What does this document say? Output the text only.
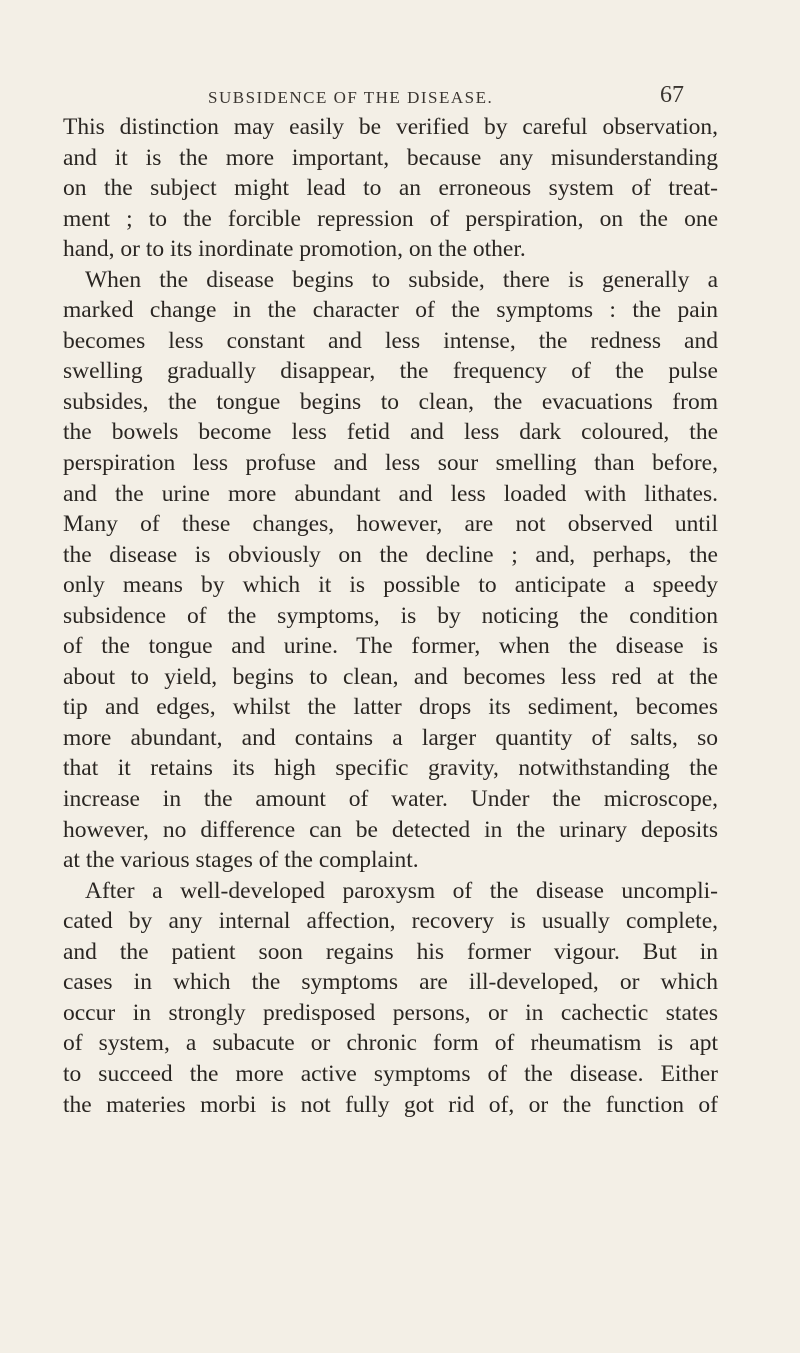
SUBSIDENCE OF THE DISEASE.	67
This distinction may easily be verified by careful observation,
and it is the more important, because any misunderstanding
on the subject might lead to an erroneous system of treat-
ment ; to the forcible repression of perspiration, on the one
hand, or to its inordinate promotion, on the other.
When the disease begins to subside, there is generally a
marked change in the character of the symptoms : the pain
becomes less constant and less intense, the redness and
swelling gradually disappear, the frequency of the pulse
subsides, the tongue begins to clean, the evacuations from
the bowels become less fetid and less dark coloured, the
perspiration less profuse and less sour smelling than before,
and the urine more abundant and less loaded with lithates.
Many of these changes, however, are not observed until
the disease is obviously on the decline ; and, perhaps, the
only means by which it is possible to anticipate a speedy
subsidence of the symptoms, is by noticing the condition
of the tongue and urine. The former, when the disease is
about to yield, begins to clean, and becomes less red at the
tip and edges, whilst the latter drops its sediment, becomes
more abundant, and contains a larger quantity of salts, so
that it retains its high specific gravity, notwithstanding the
increase in the amount of water. Under the microscope,
however, no difference can be detected in the urinary deposits
at the various stages of the complaint.
After a well-developed paroxysm of the disease uncompli-
cated by any internal affection, recovery is usually complete,
and the patient soon regains his former vigour. But in
cases in which the symptoms are ill-developed, or which
occur in strongly predisposed persons, or in cachectic states
of system, a subacute or chronic form of rheumatism is apt
to succeed the more active symptoms of the disease. Either
the materies morbi is not fully got rid of, or the function of
